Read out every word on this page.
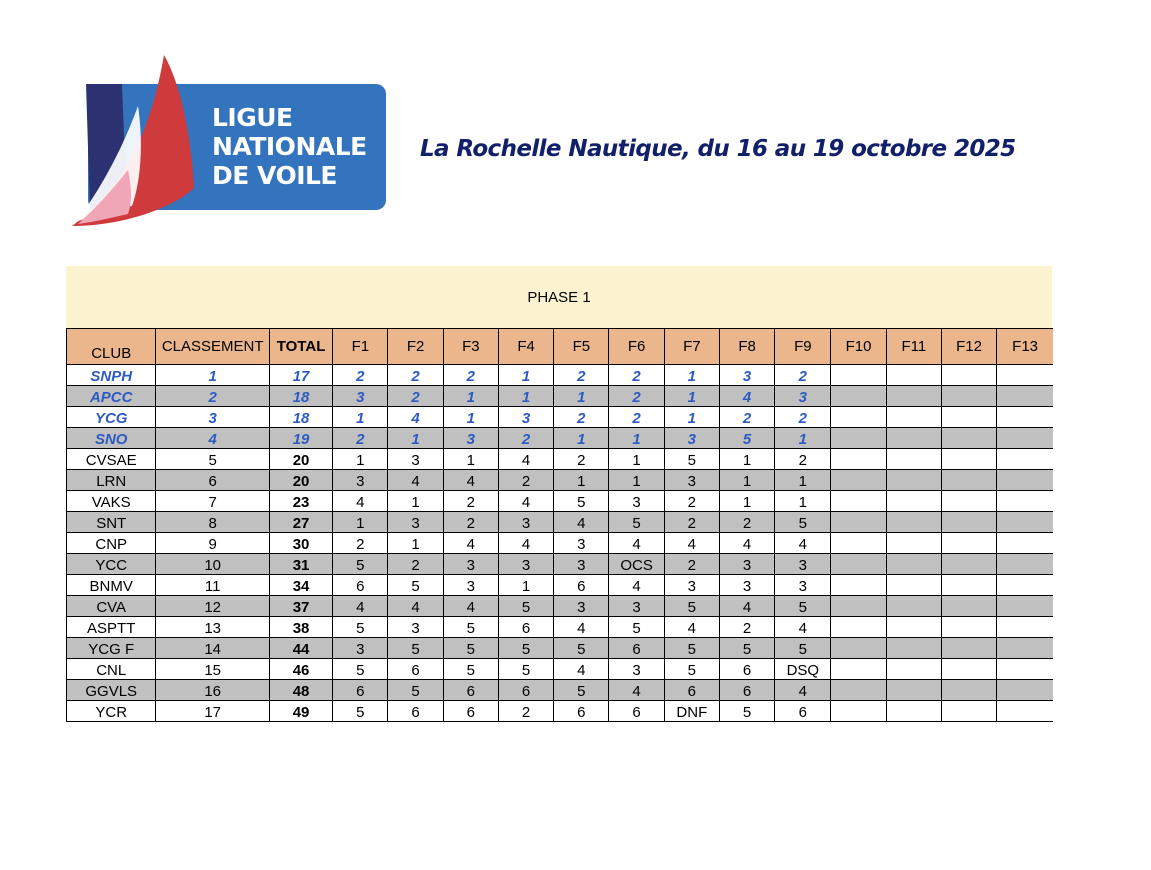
LIGUE
NATIONALE
DE VOILE
La Rochelle Nautique, du 16 au 19 octobre 2025
PHASE 1
CLUB	CLASSEMENT	TOTAL	F1	F2	F3	F4	F5	F6	F7	F8	F9	F10	F11	F12	F13
SNPH	1	17	2	2	2	1	2	2	1	3	2				
APCC	2	18	3	2	1	1	1	2	1	4	3				
YCG	3	18	1	4	1	3	2	2	1	2	2				
SNO	4	19	2	1	3	2	1	1	3	5	1				
CVSAE	5	20	1	3	1	4	2	1	5	1	2				
LRN	6	20	3	4	4	2	1	1	3	1	1				
VAKS	7	23	4	1	2	4	5	3	2	1	1				
SNT	8	27	1	3	2	3	4	5	2	2	5				
CNP	9	30	2	1	4	4	3	4	4	4	4				
YCC	10	31	5	2	3	3	3	OCS	2	3	3				
BNMV	11	34	6	5	3	1	6	4	3	3	3				
CVA	12	37	4	4	4	5	3	3	5	4	5				
ASPTT	13	38	5	3	5	6	4	5	4	2	4				
YCG F	14	44	3	5	5	5	5	6	5	5	5				
CNL	15	46	5	6	5	5	4	3	5	6	DSQ				
GGVLS	16	48	6	5	6	6	5	4	6	6	4				
YCR	17	49	5	6	6	2	6	6	DNF	5	6				
